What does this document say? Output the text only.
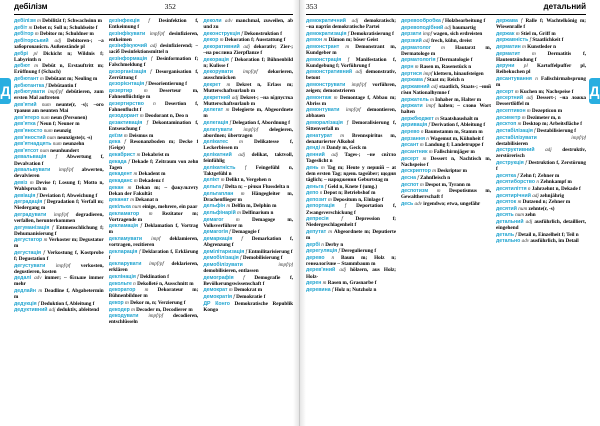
дебілізм	352

дебілізм m Debilität f; Schwachsinn m

дебіт m Debet n; Soll n; Schuldseite f

дебітор m Debitor m; Schuldner m

дебіторський adj Debitoren-; ~а заборгованість Außenstände pl

дебрі pl Dickicht n; Wildnis f; Labyrinth n

дебют m Debüt n, Erstauftritt m; Eröffnung f (Schach)

дебютант m Debütant m; Neuling m

дебютантка f Debütantin f

дебютувати impf/pf debütieren, zum ersten Mal auftreten

дев'ятий num neunte(r, -s); ~ого травня am neunten Mai

дев'ятеро num neun (Personen)

дев'ятка f Neun f; Neuner m

дев'яносто num neunzig

дев'яностий num neunzigste(r, -s)

дев'ятнадцять num neunzehn

дев'ятсот num neunhundert

девальвація f Abwertung f, Devalvation f

девальвувати impf/pf abwerten, devalvieren

девіз m Devise f; Losung f; Motto n, Wahlspruch m

девіація f Deviation f; Abweichung f

деградація f Degradation f; Verfall m; Niedergang m

деградувати impf/pf degradieren, verfallen, herunterkommen

дегуманізація f Entmenschlichung f; Dehumanisierung f

дегустатор m Verkoster m; Degustator m

дегустація f Verkostung f, Kostprobe f; Degustation f

дегустувати impf/pf verkosten, degustieren, kosten

дедалі adv immer; ~ більше immer mehr

дедлайн m Deadline f, Abgabetermin m

дедукція f Deduktion f, Ableitung f

дедуктивний adj deduktiv, ableitend

дезінфекція f Desinfektion f, Entkeimung f

дезінфікувати impf/pf desinfizieren, entkeimen

дезінфікуючий adj desinfizierend; ~ засіб Desinfektionsmittel n

дезінформація f Desinformation f; Falschmeldung f

дезорганізація f Desorganisation f, Zerrüttung f

дезорієнтація f Desorientierung f

дезертир m Deserteur m, Fahnenflüchtige m

дезертирство n Desertion f, Fahnenflucht f

дезодорант m Deodorant n, Deo n

дезактивація f Dekontamination f, Entseuchung f

деїзм m Deismus m

дека f Resonanzboden m; Decke f (Geige)

декабрист m Dekabrist m

декада f Dekade f; Zeitraum von zehn Tagen

декадент m Dekadent m

декаданс m Dekadenz f

декан m Dekan m; ~ факультету Dekan der Fakultät

деканат m Dekanat n

декілька num einige, mehrere, ein paar

декламатор m Rezitator m; Vortragende m

декламація f Deklamation f, Vortrag m

декламувати impf deklamieren, vortragen, rezitieren

декларація f Deklaration f, Erklärung f

декларувати impf/pf deklarieren, erklären

деклінація f Deklination f

декольте n Dekolleté n, Ausschnitt m

декоратор m Dekorateur m; Bühnenbildner m

декор m Dekor m, n; Verzierung f

декодер m Decoder m, Decodierer m

декодувати impf/pf decodieren, entschlüsseln

деколи adv manchmal, zuweilen, ab und zu

деконструкція f Dekonstruktion f

декор m Dekoration f; Ausstattung f

декоративний adj dekorativ; Zier-; ~на рослина Zierpflanze f

декорація f Dekoration f; Bühnenbild n; Kulisse f

декорувати impf/pf dekorieren, ausschmücken

декрет m Dekret n, Erlass m; Mutterschaftsurlaub m

декретний adj Dekret-; ~на відпустка Mutterschaftsurlaub m

делегат m Delegierte m, Abgeordnete m

делегація f Delegation f, Abordnung f

делегувати impf/pf delegieren, abordnen; übertragen

делікатес m Delikatesse f, Leckerbissen m

делікатний adj delikat, taktvoll, feinfühlig

делікатність f Feingefühl n, Taktgefühl n

делікт m Delikt n, Vergehen n

дельта f Delta n; ~ річки Flussdelta n

дельтаплан m Hängegleiter m, Drachenflieger m

дельфін m Delfin m, Delphin m

дельфінарій m Delfinarium n

демагог m Demagoge m, Volksverführer m

демагогія f Demagogie f

демаркація f Demarkation f, Abgrenzung f

демілітаризація f Entmilitarisierung f

демобілізація f Demobilisierung f

демобілізувати	impf/pf demobilisieren, entlassen

демографія f Demografie f, Bevölkerungswissenschaft f

демократ m Demokrat m

демократія f Demokratie f

ДР Конго Demokratische Republik Kongo

Д
353	детальний

демократичний adj demokratisch; ~на партія demokratische Partei

демократизація f Demokratisierung f

демон m Dämon m; böser Geist

демонстрант m Demonstrant m, Kundgeber m

демонстрація f Manifestation f, Kundgebung f; Vorführung f

демонстративний adj demonstrativ, betont

демонструвати impf/pf vorführen, zeigen; demonstrieren

демонтаж m Demontage f, Abbau m; Abriss m

демонтувати impf/pf demontieren, abbauen

деморалізація f Demoralisierung f, Sittenverfall m

денатурат m Brennspiritus m, denaturierter Alkohol

денді m Dandy m, Geck m

денний adj Tages-; ~не світло Tageslicht n

день m Tag m; Heute у першій ~ at dem ersten Tag; вдень tagsüber; щодня täglich; ~ народження Geburtstag m

деньга f Geld n, Knete f (umg.)

депо n Depot n; Betriebshof m

депозит m Depositum n, Einlage f

депортація f Deportation f, Zwangsverschickung f

депресія f Depression f; Niedergeschlagenheit f

депутат m Abgeordnete m; Deputierte m

дербі n Derby n

дерегуляція f Deregulierung f

дерево n Baum m; Holz n; генеалогічне ~ Stammbaum m

дерев'яний adj hölzern, aus Holz; Holz-

дерен m Rasen m, Grasnarbe f

деревина f Holz n; Nutzholz n

деревообробка f Holzbearbeitung f

деревоподібний adj baumartig

дерзати impf wagen, sich erdreisten

дерзкий adj frech, kühn, dreist

дерматолог m Hautarzt m, Dermatologe m

дерматологія f Dermatologie f

дерн m Rasen m, Rasenstück n

дертися impf klettern, hinaufsteigen

держава f Staat m; Reich n

державний adj staatlich, Staats-; ~ний гімн Nationalhymne f

держатель m Inhaber m, Halter m

держати impf halten; ~ слово Wort halten

держбюджет m Staatshaushalt m

деривація f Derivation f, Ableitung f

дерево n Baumstamm m, Stamm m

дерзання n Wagemut m, Kühnheit f

десант m Landung f; Landetruppe f

десантник m Fallschirmjäger m

десерт m Dessert n, Nachtisch m, Nachspeise f

дескриптор m Deskriptor m

десна f Zahnfleisch n

деспот m Despot m, Tyrann m

деспотизм m Despotismus m, Gewaltherrschaft f

десь adv irgendwo; etwa, ungefähr

держава f Ralle f; Wachtelkönig m; Wiesenralle f

держак m Stiel m, Griff m

державність f Staatlichkeit f

дерматин m Kunstleder n

дерматит m Dermatitis f, Hautentzündung f

деруни pl Kartoffelpuffer pl, Reibekuchen pl

десантування n Fallschirmabsprung m

десерт m Kuchen m; Nachspeise f

десертний adj Dessert-; ~на ложка Dessertlöffel m

десептикон m Dezepticon m

десиметр m Dezimeter m, n

десктоп m Desktop m; Arbeitsfläche f

дестабілізація f Destabilisierung f

дестабілізувати	impf/pf destabilisieren

деструктивний adj destruktiv, zerstörerisch

деструкція f Destruktion f, Zerstörung f

десятка f Zehn f; Zehner m

десятиборство n Zehnkampf m

десятиліття n Jahrzehnt n, Dekade f

десятирічний adj zehnjährig

десяток m Dutzend n; Zehner m

десятий num zehnte(r, -s)

десять num zehn

детальний adj ausführlich, detailliert, eingehend

деталь f Detail n, Einzelheit f; Teil n

детально adv ausführlich, im Detail

Д
